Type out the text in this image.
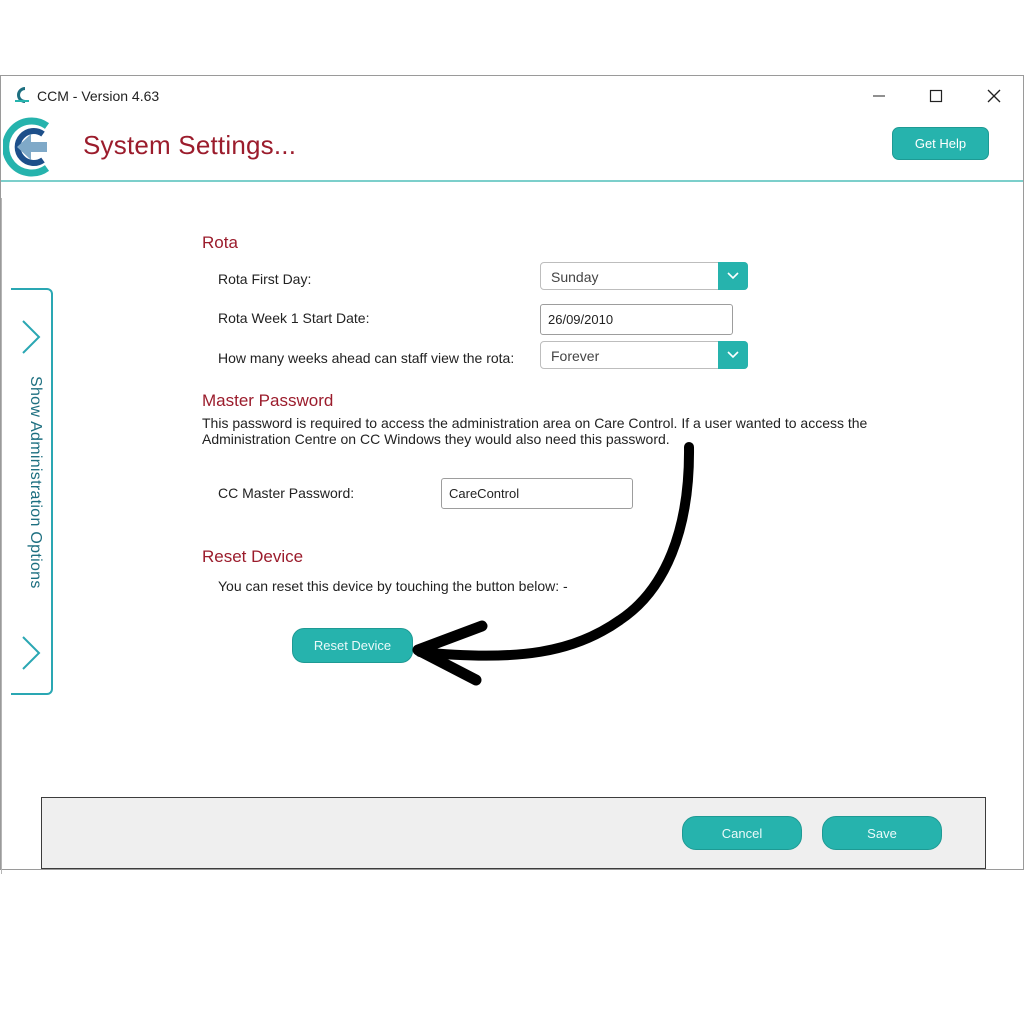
CCM - Version 4.63
System Settings...	Get Help
Show Administration Options
Rota
Rota First Day:	Sunday
Rota Week 1 Start Date:
26/09/2010
How many weeks ahead can staff view the rota:	Forever
Master Password
This password is required to access the administration area on Care Control. If a user wanted to access the Administration Centre on CC Windows they would also need this password.
CC Master Password:
CareControl
Reset Device
You can reset this device by touching the button below: -
Reset Device
Cancel	Save
